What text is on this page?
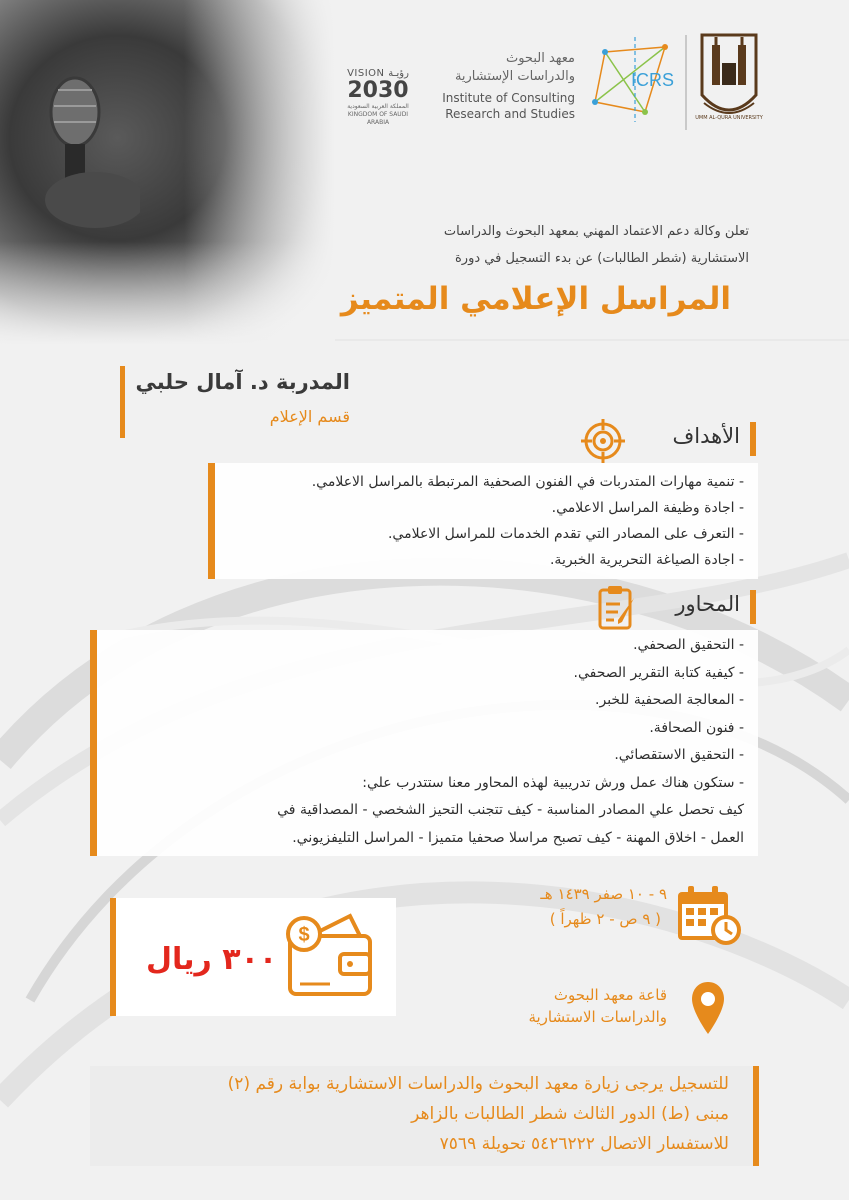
VISION رؤيـة
2030
المملكة العربية السعودية
KINGDOM OF SAUDI ARABIA
معهد البحوث
والدراسات الإستشارية
Institute of Consulting
Research and Studies
ICRS
UMM AL-QURA UNIVERSITY
تعلن وكالة دعم الاعتماد المهني بمعهد البحوث والدراسات
الاستشارية (شطر الطالبات) عن بدء التسجيل في دورة
المراسل الإعلامي المتميز
المدربة د. آمال حلبي
قسم الإعلام
الأهداف
- تنمية مهارات المتدربات في الفنون الصحفية المرتبطة بالمراسل الاعلامي.
- اجادة وظيفة المراسل الاعلامي.
- التعرف على المصادر التي تقدم الخدمات للمراسل الاعلامي.
- اجادة الصياغة التحريرية الخبرية.
المحاور
- التحقيق الصحفي.
- كيفية كتابة التقرير الصحفي.
- المعالجة الصحفية للخبر.
- فنون الصحافة.
- التحقيق الاستقصائي.
- ستكون هناك عمل ورش تدريبية لهذه المحاور معنا ستتدرب علي:
كيف تحصل علي المصادر المناسبة - كيف تتجنب التحيز الشخصي - المصداقية في
العمل - اخلاق المهنة - كيف تصبح مراسلا صحفيا متميزا - المراسل التليفزيوني.
٣٠٠ ريال
$
٩ - ١٠ صفر ١٤٣٩ هـ
( ٩ ص - ٢ ظهراً )
قاعة معهد البحوث
والدراسات الاستشارية
للتسجيل يرجى زيارة معهد البحوث والدراسات الاستشارية بوابة رقم (٢)
مبنى (ط) الدور الثالث شطر الطالبات بالزاهر
للاستفسار الاتصال ٥٤٢٦٢٢٢ تحويلة ٧٥٦٩
